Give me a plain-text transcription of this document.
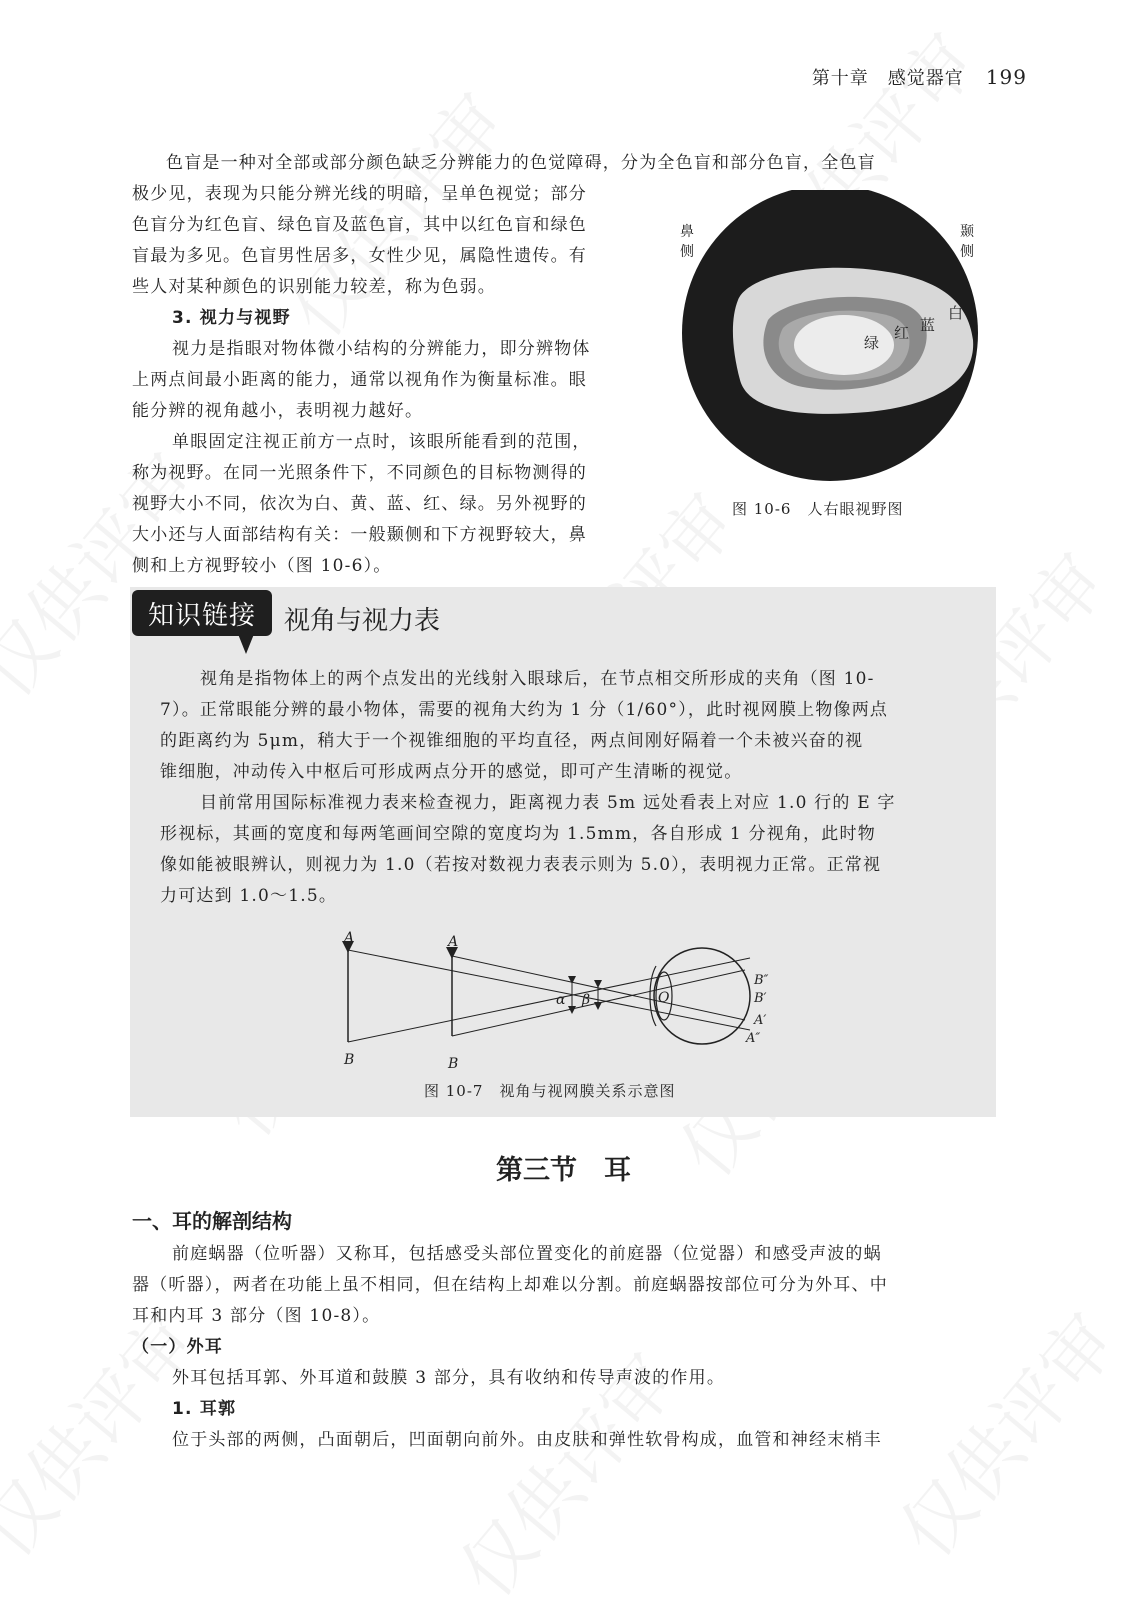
第十章　感觉器官 199

色盲是一种对全部或部分颜色缺乏分辨能力的色觉障碍，分为全色盲和部分色盲，全色盲

极少见，表现为只能分辨光线的明暗，呈单色视觉；部分

色盲分为红色盲、绿色盲及蓝色盲，其中以红色盲和绿色

盲最为多见。色盲男性居多，女性少见，属隐性遗传。有

些人对某种颜色的识别能力较差，称为色弱。

3. 视力与视野

视力是指眼对物体微小结构的分辨能力，即分辨物体

上两点间最小距离的能力，通常以视角作为衡量标准。眼

能分辨的视角越小，表明视力越好。

单眼固定注视正前方一点时，该眼所能看到的范围，

称为视野。在同一光照条件下，不同颜色的目标物测得的

视野大小不同，依次为白、黄、蓝、红、绿。另外视野的

大小还与人面部结构有关：一般颞侧和下方视野较大，鼻

侧和上方视野较小（图 10-6）。

鼻
侧
颞
侧
白
蓝
红
绿
图 10-6　人右眼视野图
知识链接	视角与视力表

视角是指物体上的两个点发出的光线射入眼球后，在节点相交所形成的夹角（图 10-

7）。正常眼能分辨的最小物体，需要的视角大约为 1 分（1/60°），此时视网膜上物像两点

的距离约为 5μm，稍大于一个视锥细胞的平均直径，两点间刚好隔着一个未被兴奋的视

锥细胞，冲动传入中枢后可形成两点分开的感觉，即可产生清晰的视觉。

目前常用国际标准视力表来检查视力，距离视力表 5m 远处看表上对应 1.0 行的 E 字

形视标，其画的宽度和每两笔画间空隙的宽度均为 1.5mm，各自形成 1 分视角，此时物

像如能被眼辨认，则视力为 1.0（若按对数视力表表示则为 5.0），表明视力正常。正常视

力可达到 1.0～1.5。

A
B
A
B
α β	O
B″
B′
A′
A″
图 10-7　视角与视网膜关系示意图
第三节　耳
一、耳的解剖结构

前庭蜗器（位听器）又称耳，包括感受头部位置变化的前庭器（位觉器）和感受声波的蜗

器（听器），两者在功能上虽不相同，但在结构上却难以分割。前庭蜗器按部位可分为外耳、中

耳和内耳 3 部分（图 10-8）。

（一）外耳

外耳包括耳郭、外耳道和鼓膜 3 部分，具有收纳和传导声波的作用。

1. 耳郭

位于头部的两侧，凸面朝后，凹面朝向前外。由皮肤和弹性软骨构成，血管和神经末梢丰
